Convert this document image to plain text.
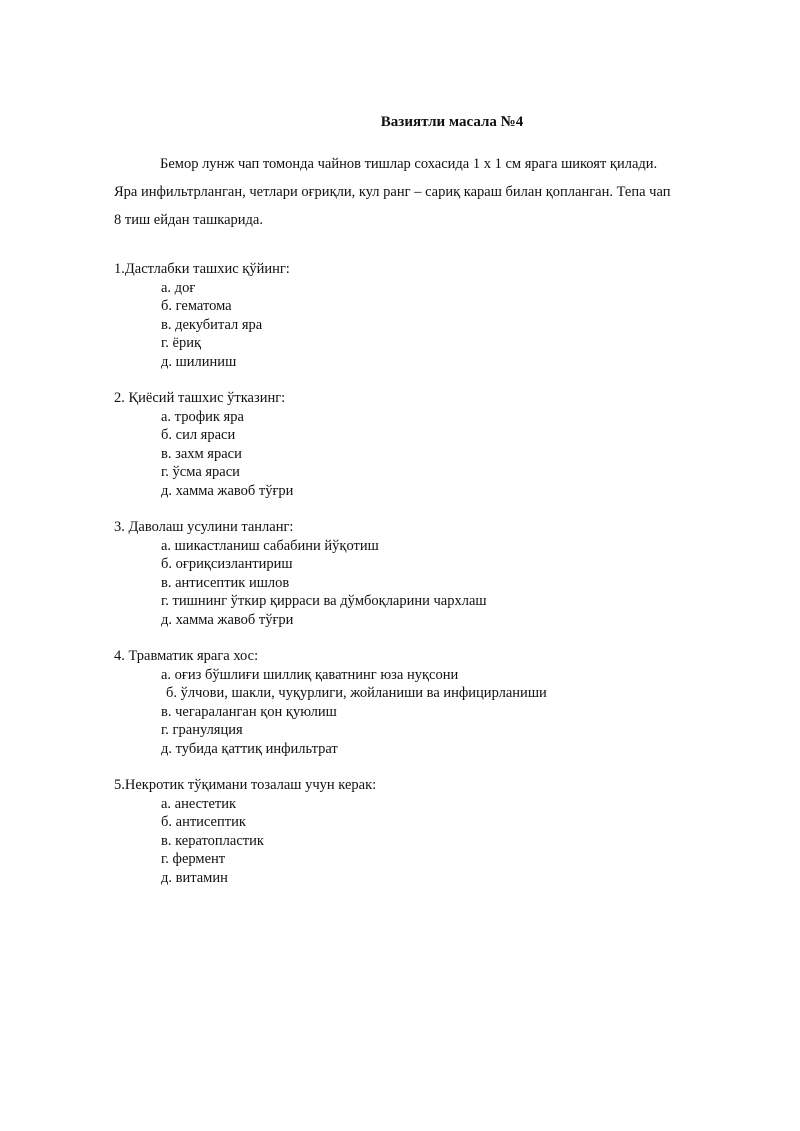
Вазиятли масала №4

Бемор лунж чап томонда чайнов тишлар сохасида 1 х 1 см ярага шикоят қилади.

Яра инфильтрланган, четлари оғриқли, кул ранг – сариқ караш билан қопланган. Тепа чап

8 тиш ейдан ташкарида.

1.Дастлабки ташхис қўйинг:
а. доғ
б. гематома
в. декубитал яра
г. ёриқ
д. шилиниш
2. Қиёсий ташхис ўтказинг:
а. трофик яра
б. сил яраси
в. захм яраси
г. ўсма яраси
д. хамма жавоб тўғри
3. Даволаш усулини танланг:
а. шикастланиш сабабини йўқотиш
б. оғриқсизлантириш
в. антисептик ишлов
г. тишнинг ўткир қирраси ва дўмбоқларини чархлаш
д. хамма жавоб тўғри
4. Травматик ярага хос:
а. оғиз бўшлиғи шиллиқ қаватнинг юза нуқсони
б. ўлчови, шакли, чуқурлиги, жойланиши ва инфицирланиши
в. чегараланган қон қуюлиш
г. грануляция
д. тубида қаттиқ инфильтрат
5.Некротик тўқимани тозалаш учун керак:
а. анестетик
б. антисептик
в. кератопластик
г. фермент
д. витамин
